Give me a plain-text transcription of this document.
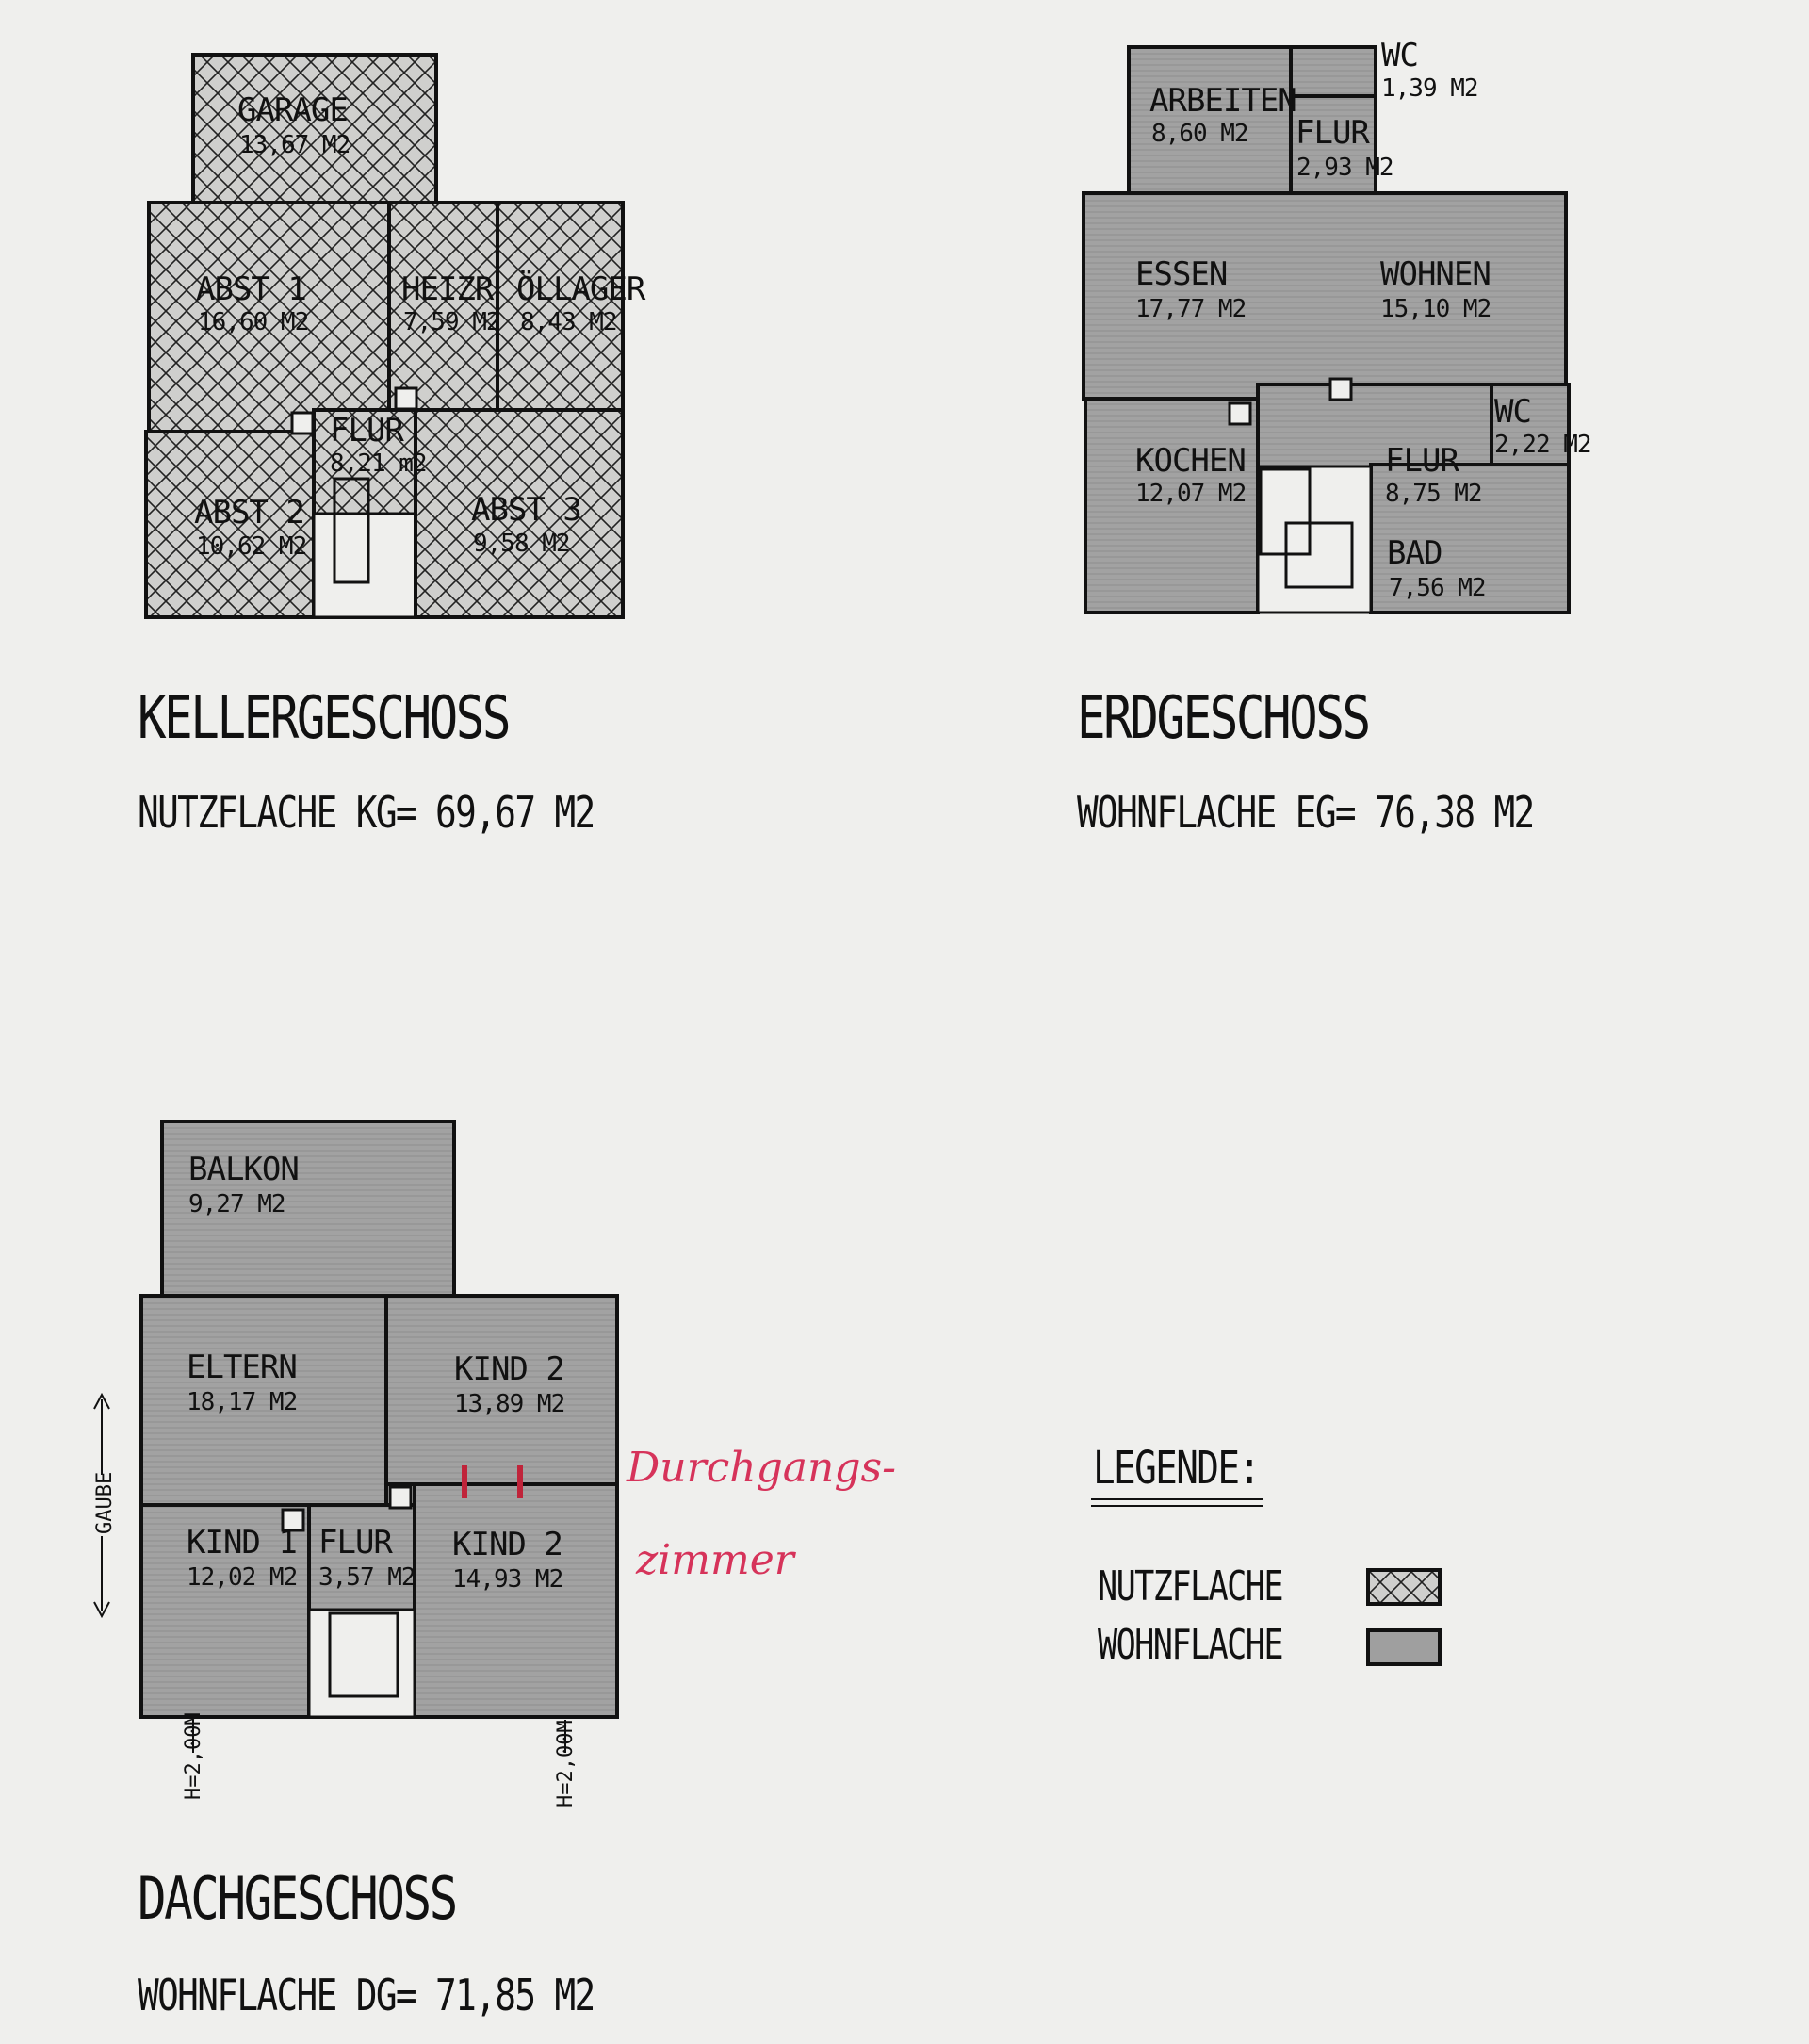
GARAGE
13,67 M2
ABST 1
16,60 M2
HEIZR
7,59 M2
ÖLLAGER
8,43 M2
FLUR
8,21 m2
ABST 2
10,62 M2
ABST 3
9,58 M2
ARBEITEN
8,60 M2
WC
1,39 M2
FLUR
2,93 M2
ESSEN
17,77 M2
WOHNEN
15,10 M2
KOCHEN
12,07 M2
FLUR
8,75 M2
WC
2,22 M2
BAD
7,56 M2
BALKON
9,27 M2
ELTERN
18,17 M2
KIND 2
13,89 M2
KIND 1
12,02 M2
FLUR
3,57 M2
KIND 2
14,93 M2
GAUBE
H=2,00M	H=2,00M
Durchgangs-
zimmer
KELLERGESCHOSS
NUTZFLACHE KG= 69,67 M2
ERDGESCHOSS
WOHNFLACHE EG= 76,38 M2
DACHGESCHOSS
WOHNFLACHE DG= 71,85 M2
LEGENDE:
NUTZFLACHE
WOHNFLACHE
